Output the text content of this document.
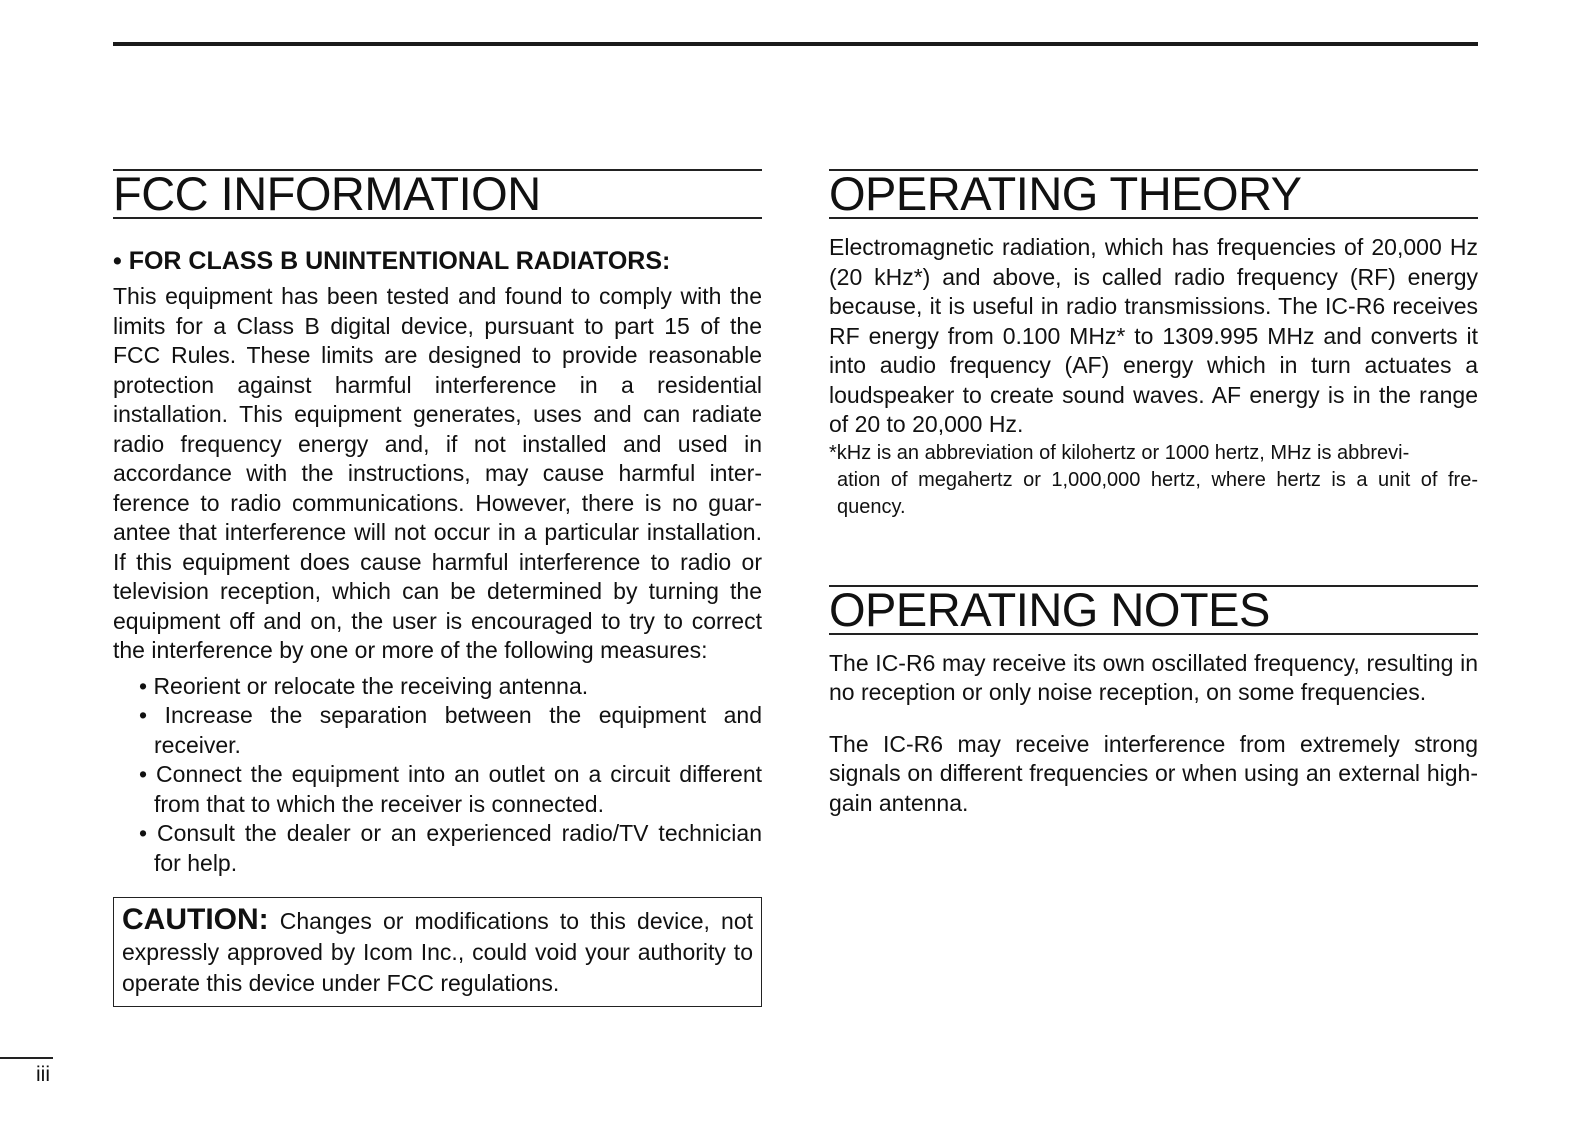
FCC INFORMATION
• FOR CLASS B UNINTENTIONAL RADIATORS:

This equipment has been tested and found to comply with the limits for a Class B digital device, pursuant to part 15 of the FCC Rules. These limits are designed to provide reasonable protection against harmful interference in a residential installation. This equipment generates, uses and can radiate radio frequency energy and, if not installed and used in accordance with the instructions, may cause harmful interference to radio communications. However, there is no guarantee that interference will not occur in a particular installation. If this equipment does cause harmful interference to radio or television reception, which can be determined by turning the equipment off and on, the user is encouraged to try to correct the interference by one or more of the following measures:

• Reorient or relocate the receiving antenna.
• Increase the separation between the equipment and receiver.
• Connect the equipment into an outlet on a circuit different from that to which the receiver is connected.
• Consult the dealer or an experienced radio/TV technician for help.
CAUTION: Changes or modifications to this device, not expressly approved by Icom Inc., could void your authority to operate this device under FCC regulations.
OPERATING THEORY

Electromagnetic radiation, which has frequencies of 20,000 Hz (20 kHz*) and above, is called radio frequency (RF) energy because, it is useful in radio transmissions. The IC-R6 receives RF energy from 0.100 MHz* to 1309.995 MHz and converts it into audio frequency (AF) energy which in turn actuates a loudspeaker to create sound waves. AF energy is in the range of 20 to 20,000 Hz.

*kHz is an abbreviation of kilohertz or 1000 hertz, MHz is abbrevi-

ation of megahertz or 1,000,000 hertz, where hertz is a unit of frequency.

OPERATING NOTES

The IC-R6 may receive its own oscillated frequency, resulting in no reception or only noise reception, on some frequencies.

The IC-R6 may receive interference from extremely strong signals on different frequencies or when using an external high-gain antenna.

iii
